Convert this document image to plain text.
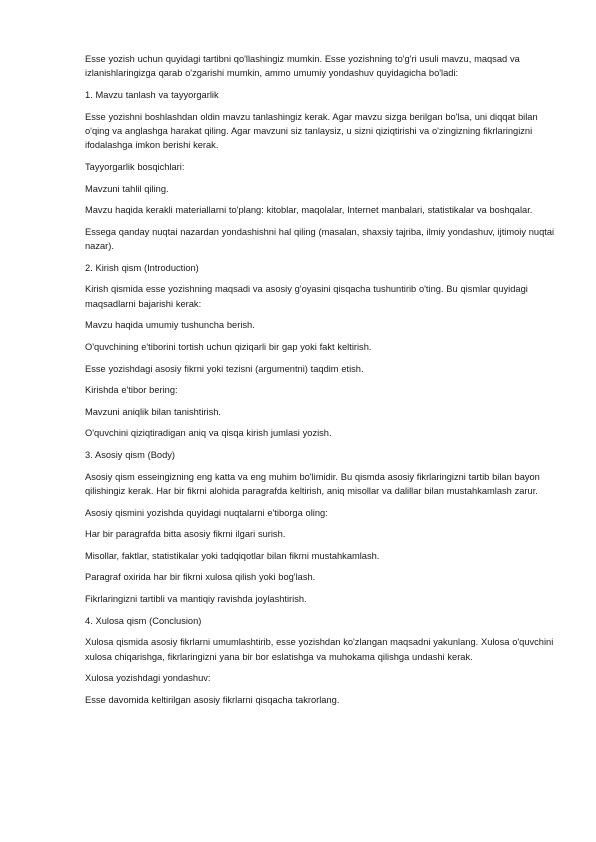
Esse yozish uchun quyidagi tartibni qo'llashingiz mumkin. Esse yozishning to'g'ri usuli mavzu, maqsad va izlanishlaringizga qarab o'zgarishi mumkin, ammo umumiy yondashuv quyidagicha bo'ladi:

1. Mavzu tanlash va tayyorgarlik

Esse yozishni boshlashdan oldin mavzu tanlashingiz kerak. Agar mavzu sizga berilgan bo'lsa, uni diqqat bilan o'qing va anglashga harakat qiling. Agar mavzuni siz tanlaysiz, u sizni qiziqtirishi va o'zingizning fikrlaringizni ifodalashga imkon berishi kerak.

Tayyorgarlik bosqichlari:

Mavzuni tahlil qiling.

Mavzu haqida kerakli materiallarni to'plang: kitoblar, maqolalar, Internet manbalari, statistikalar va boshqalar.

Essega qanday nuqtai nazardan yondashishni hal qiling (masalan, shaxsiy tajriba, ilmiy yondashuv, ijtimoiy nuqtai nazar).

2. Kirish qism (Introduction)

Kirish qismida esse yozishning maqsadi va asosiy g'oyasini qisqacha tushuntirib o'ting. Bu qismlar quyidagi maqsadlarni bajarishi kerak:

Mavzu haqida umumiy tushuncha berish.

O'quvchining e'tiborini tortish uchun qiziqarli bir gap yoki fakt keltirish.

Esse yozishdagi asosiy fikrni yoki tezisni (argumentni) taqdim etish.

Kirishda e'tibor bering:

Mavzuni aniqlik bilan tanishtirish.

O'quvchini qiziqtiradigan aniq va qisqa kirish jumlasi yozish.

3. Asosiy qism (Body)

Asosiy qism esseingizning eng katta va eng muhim bo'limidir. Bu qismda asosiy fikrlaringizni tartib bilan bayon qilishingiz kerak. Har bir fikrni alohida paragrafda keltirish, aniq misollar va dalillar bilan mustahkamlash zarur.

Asosiy qismini yozishda quyidagi nuqtalarni e'tiborga oling:

Har bir paragrafda bitta asosiy fikrni ilgari surish.

Misollar, faktlar, statistikalar yoki tadqiqotlar bilan fikrni mustahkamlash.

Paragraf oxirida har bir fikrni xulosa qilish yoki bog'lash.

Fikrlaringizni tartibli va mantiqiy ravishda joylashtirish.

4. Xulosa qism (Conclusion)

Xulosa qismida asosiy fikrlarni umumlashtirib, esse yozishdan ko'zlangan maqsadni yakunlang. Xulosa o'quvchini xulosa chiqarishga, fikrlaringizni yana bir bor eslatishga va muhokama qilishga undashi kerak.

Xulosa yozishdagi yondashuv:

Esse davomida keltirilgan asosiy fikrlarni qisqacha takrorlang.
